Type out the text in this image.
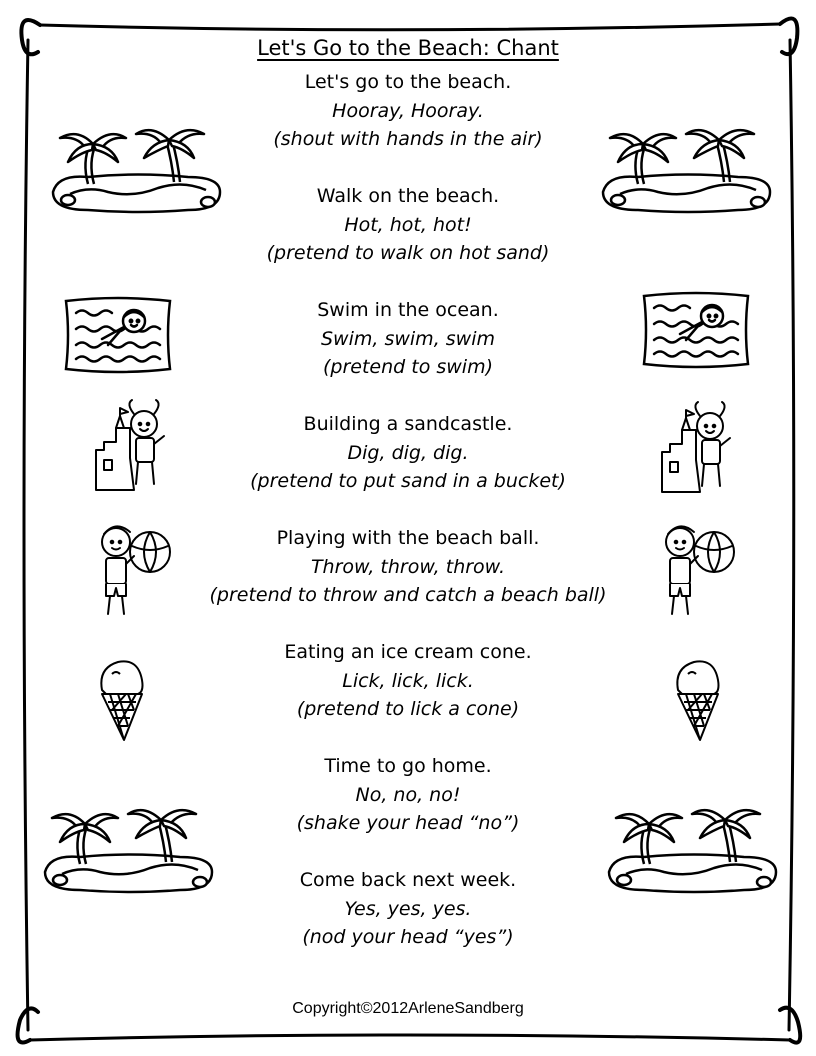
Let's Go to the Beach: Chant
Let's go to the beach.
Hooray, Hooray.
(shout with hands in the air)
Walk on the beach.
Hot, hot, hot!
(pretend to walk on hot sand)
Swim in the ocean.
Swim, swim, swim
(pretend to swim)
Building a sandcastle.
Dig, dig, dig.
(pretend to put sand in a bucket)
Playing with the beach ball.
Throw, throw, throw.
(pretend to throw and catch a beach ball)
Eating an ice cream cone.
Lick, lick, lick.
(pretend to lick a cone)
Time to go home.
No, no, no!
(shake your head “no”)
Come back next week.
Yes, yes, yes.
(nod your head “yes”)
Copyright©2012ArleneSandberg
